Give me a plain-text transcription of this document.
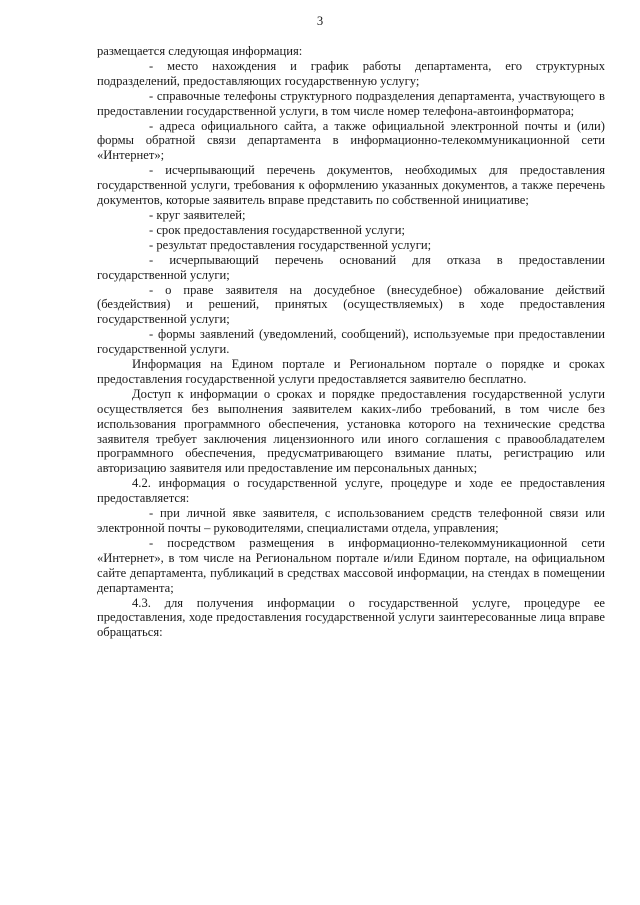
3

размещается следующая информация:

- место нахождения и график работы департамента, его структурных подразделений, предоставляющих государственную услугу;

- справочные телефоны структурного подразделения департамента, участвующего в предоставлении государственной услуги, в том числе номер телефона-автоинформатора;

- адреса официального сайта, а также официальной электронной почты и (или) формы обратной связи департамента в информационно-телекоммуникационной сети «Интернет»;

- исчерпывающий перечень документов, необходимых для предоставления государственной услуги, требования к оформлению указанных документов, а также перечень документов, которые заявитель вправе представить по собственной инициативе;

- круг заявителей;

- срок предоставления государственной услуги;

- результат предоставления государственной услуги;

- исчерпывающий перечень оснований для отказа в предоставлении государственной услуги;

- о праве заявителя на досудебное (внесудебное) обжалование действий (бездействия) и решений, принятых (осуществляемых) в ходе предоставления государственной услуги;

- формы заявлений (уведомлений, сообщений), используемые при предоставлении государственной услуги.

Информация на Едином портале и Региональном портале о порядке и сроках предоставления государственной услуги предоставляется заявителю бесплатно.

Доступ к информации о сроках и порядке предоставления государственной услуги осуществляется без выполнения заявителем каких-либо требований, в том числе без использования программного обеспечения, установка которого на технические средства заявителя требует заключения лицензионного или иного соглашения с правообладателем программного обеспечения, предусматривающего взимание платы, регистрацию или авторизацию заявителя или предоставление им персональных данных;

4.2. информация о государственной услуге, процедуре и ходе ее предоставления предоставляется:

- при личной явке заявителя, с использованием средств телефонной связи или электронной почты – руководителями, специалистами отдела, управления;

- посредством размещения в информационно-телекоммуникационной сети «Интернет», в том числе на Региональном портале и/или Едином портале, на официальном сайте департамента, публикаций в средствах массовой информации, на стендах в помещении департамента;

4.3. для получения информации о государственной услуге, процедуре ее предоставления, ходе предоставления государственной услуги заинтересованные лица вправе обращаться:
